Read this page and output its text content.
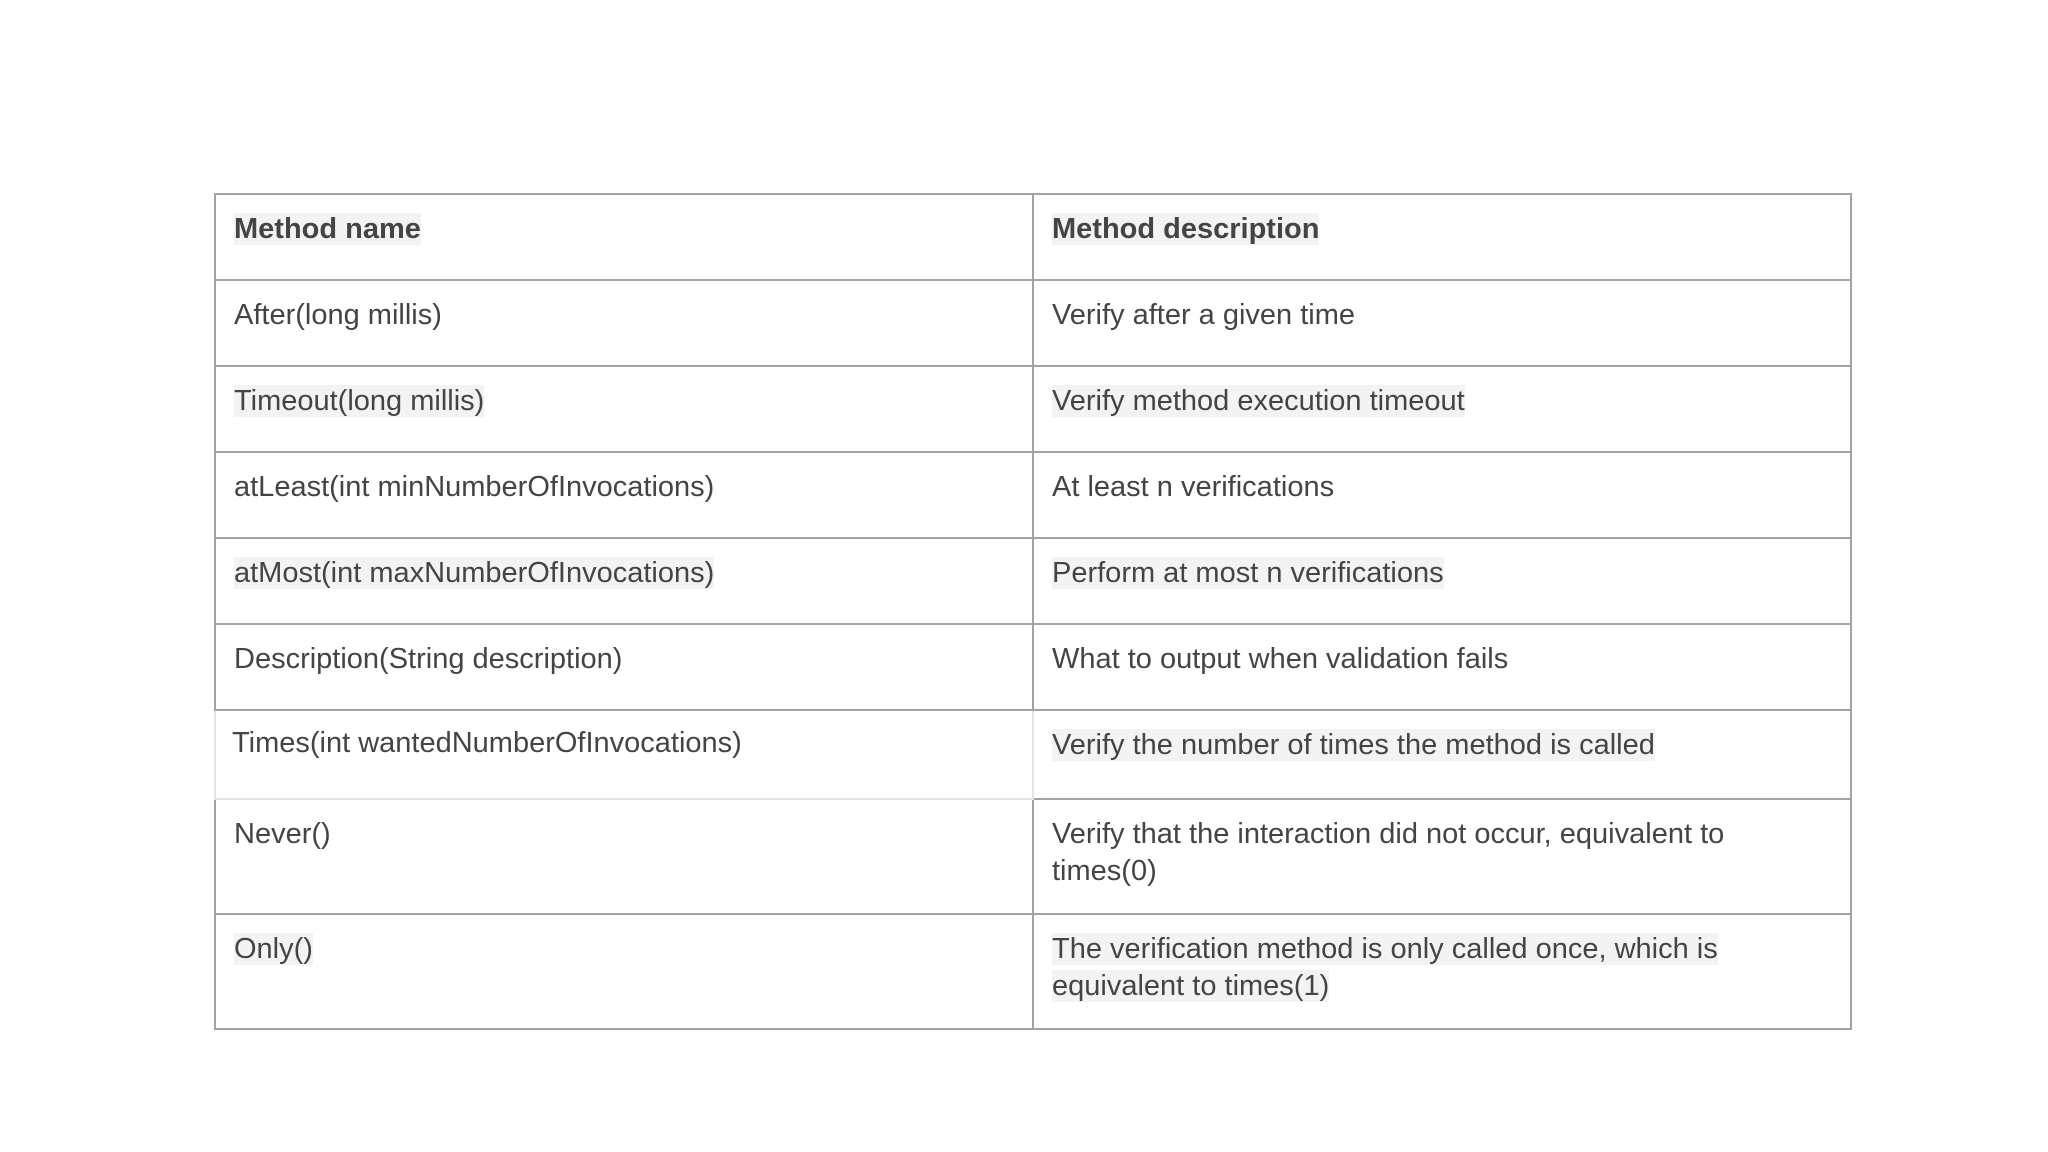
Method name	Method description
After(long millis)	Verify after a given time
Timeout(long millis)	Verify method execution timeout
atLeast(int minNumberOfInvocations)	At least n verifications
atMost(int maxNumberOfInvocations)	Perform at most n verifications
Description(String description)	What to output when validation fails
Times(int wantedNumberOfInvocations)	Verify the number of times the method is called
Never()	Verify that the interaction did not occur, equivalent to times(0)
Only()	The verification method is only called once, which is equivalent to times(1)
